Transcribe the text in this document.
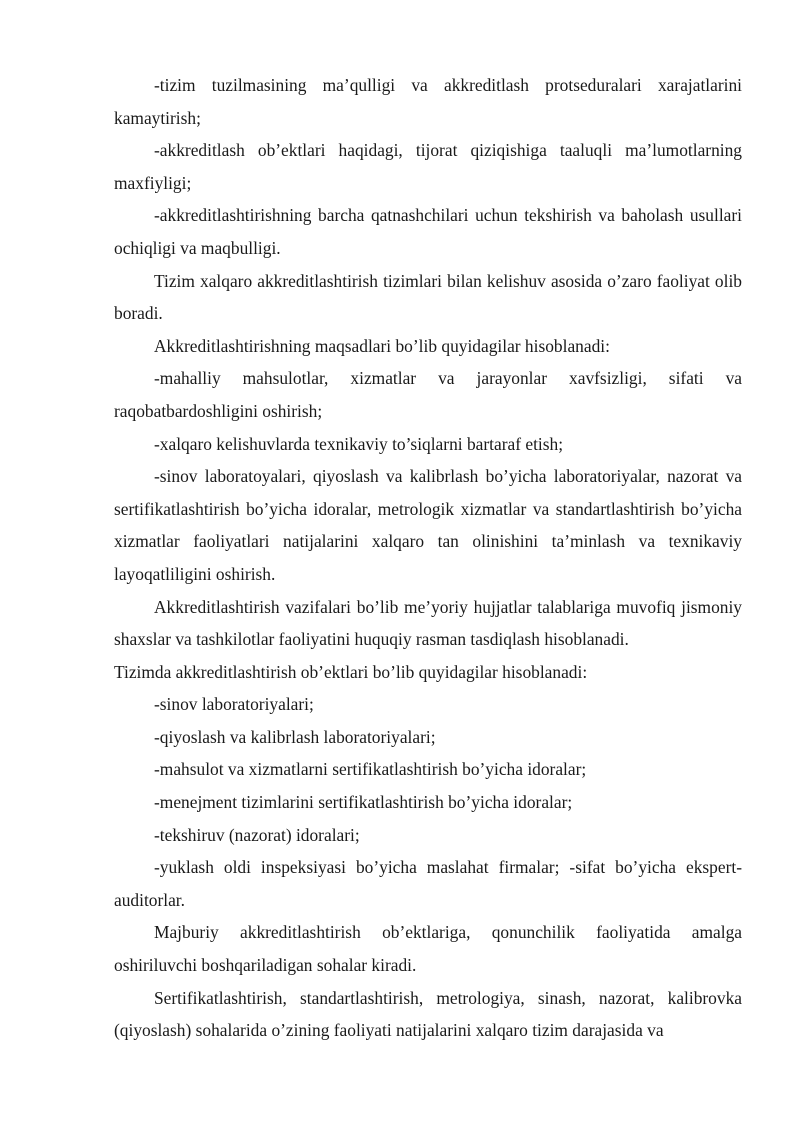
-tizim tuzilmasining ma’qulligi va akkreditlash protseduralari xarajatlarini kamaytirish;

-akkreditlash ob’ektlari haqidagi, tijorat qiziqishiga taaluqli ma’lumotlarning maxfiyligi;

-akkreditlashtirishning barcha qatnashchilari uchun tekshirish va baholash usullari ochiqligi va maqbulligi.

Tizim xalqaro akkreditlashtirish tizimlari bilan kelishuv asosida o’zaro faoliyat olib boradi.

Akkreditlashtirishning maqsadlari bo’lib quyidagilar hisoblanadi:

-mahalliy mahsulotlar, xizmatlar va jarayonlar xavfsizligi, sifati va raqobatbardoshligini oshirish;

-xalqaro kelishuvlarda texnikaviy to’siqlarni bartaraf etish;

-sinov laboratoyalari, qiyoslash va kalibrlash bo’yicha laboratoriyalar, nazorat va sertifikatlashtirish bo’yicha idoralar, metrologik xizmatlar va standartlashtirish bo’yicha xizmatlar faoliyatlari natijalarini xalqaro tan olinishini ta’minlash va texnikaviy layoqatliligini oshirish.

Akkreditlashtirish vazifalari bo’lib me’yoriy hujjatlar talablariga muvofiq jismoniy shaxslar va tashkilotlar faoliyatini huquqiy rasman tasdiqlash hisoblanadi.

Tizimda akkreditlashtirish ob’ektlari bo’lib quyidagilar hisoblanadi:

-sinov laboratoriyalari;

-qiyoslash va kalibrlash laboratoriyalari;

-mahsulot va xizmatlarni sertifikatlashtirish bo’yicha idoralar;

-menejment tizimlarini sertifikatlashtirish bo’yicha idoralar;

-tekshiruv (nazorat) idoralari;

-yuklash oldi inspeksiyasi bo’yicha maslahat firmalar; -sifat bo’yicha ekspert-auditorlar.

Majburiy akkreditlashtirish ob’ektlariga, qonunchilik faoliyatida amalga oshiriluvchi boshqariladigan sohalar kiradi.

Sertifikatlashtirish, standartlashtirish, metrologiya, sinash, nazorat, kalibrovka (qiyoslash) sohalarida o’zining faoliyati natijalarini xalqaro tizim darajasida va
